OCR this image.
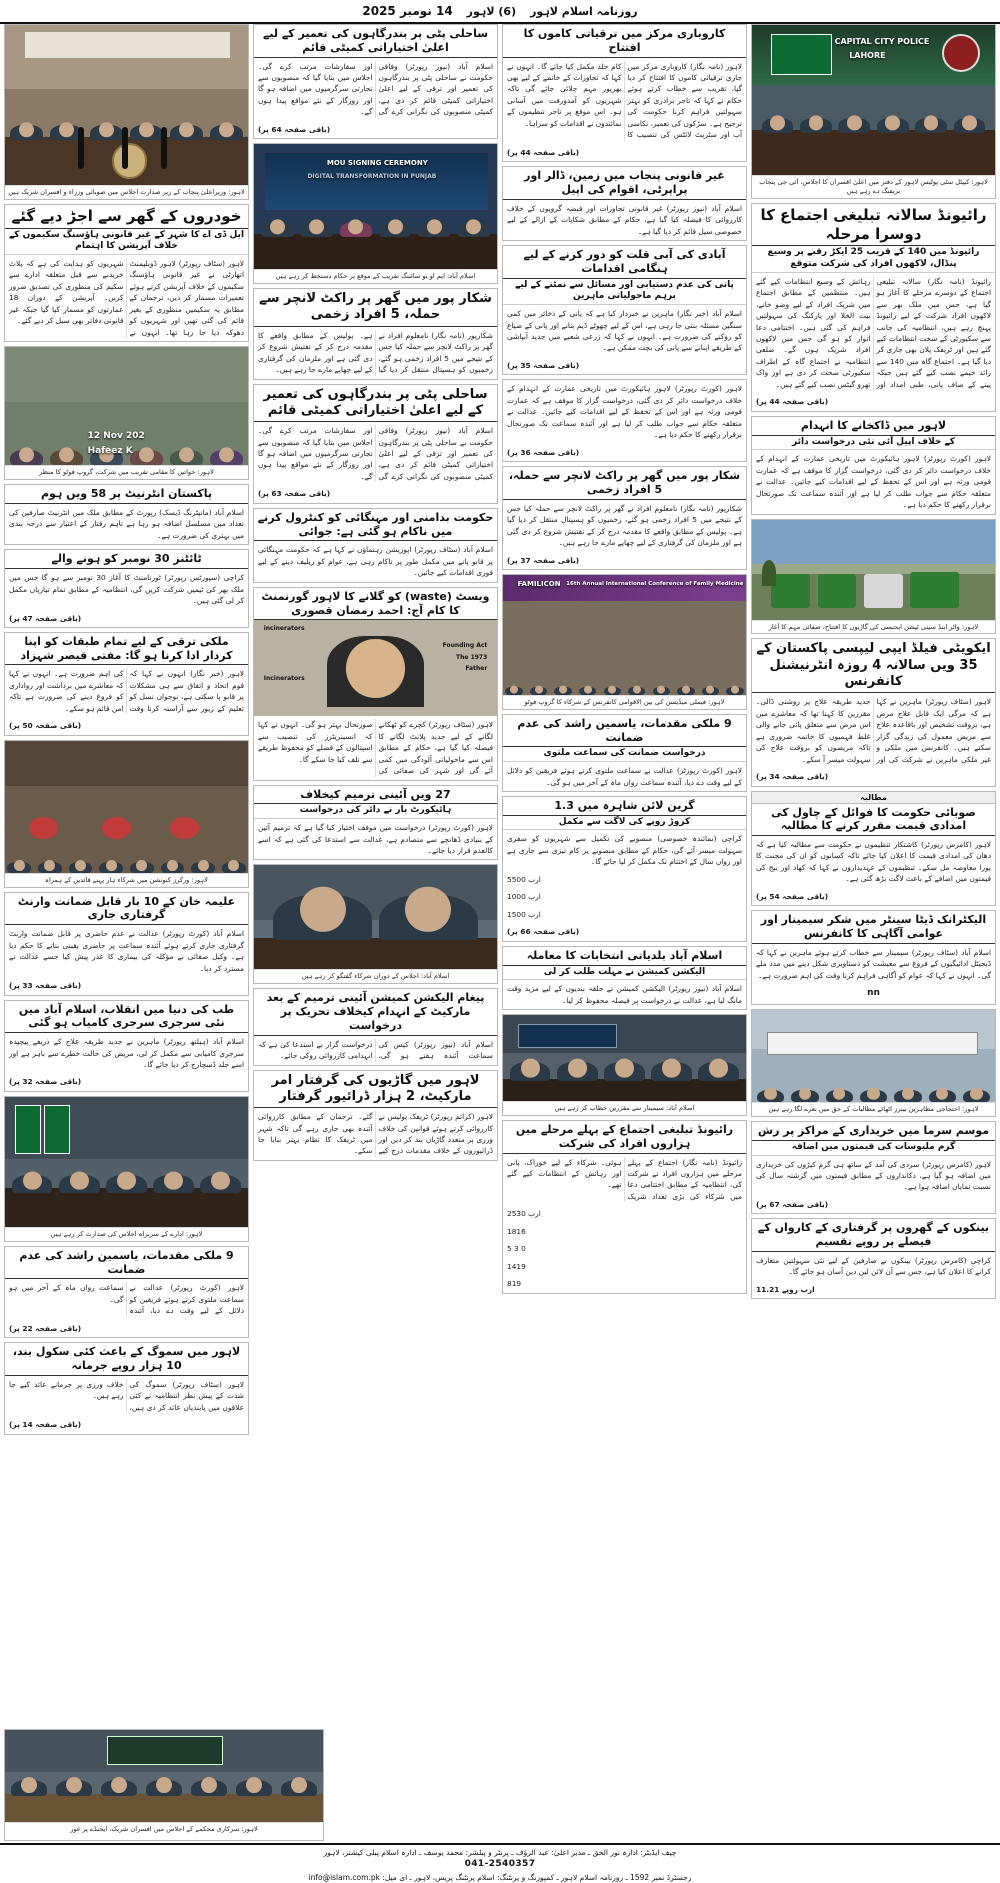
روزنامہ اسلام لاہور
(6) لاہور
14 نومبر 2025
CAPITAL CITY POLICE
LAHORE
لاہور: کیپٹل سٹی پولیس لاہور کے دفتر میں اعلیٰ افسران کا اجلاس، آئی جی پنجاب بریفنگ دے رہے ہیں
رائیونڈ سالانہ تبلیغی اجتماع کا دوسرا مرحلہ
رائیونڈ میں 140 کے قریب 25 ایکڑ رقبے پر وسیع پنڈال، لاکھوں افراد کی شرکت متوقع
رائیونڈ (نامہ نگار) سالانہ تبلیغی اجتماع کے دوسرے مرحلے کا آغاز ہو گیا ہے، جس میں ملک بھر سے لاکھوں افراد شرکت کے لیے رائیونڈ پہنچ رہے ہیں، انتظامیہ کی جانب سے سکیورٹی کے سخت انتظامات کیے گئے ہیں اور ٹریفک پلان بھی جاری کر دیا گیا ہے۔ اجتماع گاہ میں 140 سے زائد خیمے نصب کیے گئے ہیں جبکہ پینے کے صاف پانی، طبی امداد اور رہائش کے وسیع انتظامات کیے گئے ہیں۔ منتظمین کے مطابق اجتماع میں شریک افراد کے لیے وضو خانے، بیت الخلا اور پارکنگ کی سہولتیں فراہم کی گئی ہیں۔ اختتامی دعا اتوار کو ہو گی جس میں لاکھوں افراد شریک ہوں گے۔ ضلعی انتظامیہ نے اجتماع گاہ کے اطراف سکیورٹی سخت کر دی ہے اور واک تھرو گیٹس نصب کیے گئے ہیں۔
(باقی صفحہ 44 پر)
لاہور میں ڈاکخانے کا انہدام
کے خلاف اپیل آئی نئی درخواست دائر
لاہور (کورٹ رپورٹر) لاہور ہائیکورٹ میں تاریخی عمارت کے انہدام کے خلاف درخواست دائر کر دی گئی، درخواست گزار کا موقف ہے کہ عمارت قومی ورثہ ہے اور اس کے تحفظ کے لیے اقدامات کیے جائیں۔ عدالت نے متعلقہ حکام سے جواب طلب کر لیا ہے اور آئندہ سماعت تک صورتحال برقرار رکھنے کا حکم دیا ہے۔
لاہور: واٹر اینڈ سینی ٹیشن ایجنسی کی گاڑیوں کا افتتاح، صفائی مہم کا آغاز
ایکویٹی فیلڈ ایپی لیپسی پاکستان کے 35 ویں سالانہ 4 روزہ انٹرنیشنل کانفرنس
لاہور (سٹاف رپورٹر) ماہرین نے کہا ہے کہ مرگی ایک قابل علاج مرض ہے، بروقت تشخیص اور باقاعدہ علاج سے مریض معمول کی زندگی گزار سکتے ہیں۔ کانفرنس میں ملکی و غیر ملکی ماہرین نے شرکت کی اور جدید طریقہ علاج پر روشنی ڈالی۔ مقررین کا کہنا تھا کہ معاشرے میں اس مرض سے متعلق پائی جانے والی غلط فہمیوں کا خاتمہ ضروری ہے تاکہ مریضوں کو بروقت علاج کی سہولت میسر آ سکے۔
(باقی صفحہ 34 پر)
مطالبہ
صوبائی حکومت کا فوائل کے چاول کی امدادی قیمت مقرر کرنے کا مطالبہ
لاہور (کامرس رپورٹر) کاشتکار تنظیموں نے حکومت سے مطالبہ کیا ہے کہ دھان کی امدادی قیمت کا اعلان کیا جائے تاکہ کسانوں کو ان کی محنت کا پورا معاوضہ مل سکے۔ تنظیموں کے عہدیداروں نے کہا کہ کھاد اور بیج کی قیمتوں میں اضافے کے باعث لاگت بڑھ گئی ہے۔
(باقی صفحہ 54 پر)
الیکٹرانک ڈیٹا سینٹر میں شکر سیمینار اور عوامی آگاہی کا کانفرنس
اسلام آباد (سٹاف رپورٹر) سیمینار سے خطاب کرتے ہوئے ماہرین نے کہا کہ ڈیجیٹل ادائیگیوں کے فروغ سے معیشت کو دستاویزی شکل دینے میں مدد ملے گی۔ انہوں نے کہا کہ عوام کو آگاہی فراہم کرنا وقت کی اہم ضرورت ہے۔
nn
لاہور: احتجاجی مظاہرین بینرز اٹھائے مطالبات کے حق میں نعرے لگا رہے ہیں
موسم سرما میں خریداری کے مراکز پر رش
گرم ملبوسات کی قیمتوں میں اضافہ
لاہور (کامرس رپورٹر) سردی کی آمد کے ساتھ ہی گرم کپڑوں کی خریداری میں اضافہ ہو گیا ہے، دکانداروں کے مطابق قیمتوں میں گزشتہ سال کی نسبت نمایاں اضافہ ہوا ہے۔
(باقی صفحہ 67 پر)
بینکوں کے گھروں پر گرفتاری کے کارواں کے فیصلے پر روپے تقسیم
کراچی (کامرس رپورٹر) بینکوں نے صارفین کے لیے نئی سہولتیں متعارف کرانے کا اعلان کیا ہے، جس سے آن لائن لین دین آسان ہو جائے گا۔
11.21 ارب روپے
کاروباری مرکز میں ترقیاتی کاموں کا افتتاح
لاہور (نامہ نگار) کاروباری مرکز میں جاری ترقیاتی کاموں کا افتتاح کر دیا گیا، تقریب سے خطاب کرتے ہوئے حکام نے کہا کہ تاجر برادری کو بہتر سہولتیں فراہم کرنا حکومت کی ترجیح ہے۔ سڑکوں کی تعمیر، نکاسی آب اور سٹریٹ لائٹس کی تنصیب کا کام جلد مکمل کیا جائے گا۔ انہوں نے کہا کہ تجاوزات کے خاتمے کے لیے بھی بھرپور مہم چلائی جائے گی تاکہ شہریوں کو آمدورفت میں آسانی ہو۔ اس موقع پر تاجر تنظیموں کے نمائندوں نے اقدامات کو سراہا۔
(باقی صفحہ 44 پر)
غیر قانونی پنجاب میں زمین، ڈالر اور پراپرٹی، اقوام کی اپیل
اسلام آباد (نیوز رپورٹر) غیر قانونی تجاوزات اور قبضہ گروپوں کے خلاف کارروائی کا فیصلہ کیا گیا ہے، حکام کے مطابق شکایات کے ازالے کے لیے خصوصی سیل قائم کر دیا گیا ہے۔
آبادی کی آبی قلت کو دور کرنے کے لیے ہنگامی اقدامات
پانی کی عدم دستیابی اور مسائل سے نمٹنے کے لیے برہم ماحولیاتی ماہرین
اسلام آباد (خبر نگار) ماہرین نے خبردار کیا ہے کہ پانی کے ذخائر میں کمی سنگین مسئلہ بنتی جا رہی ہے، اس کے لیے چھوٹے ڈیم بنانے اور پانی کے ضیاع کو روکنے کی ضرورت ہے۔ انہوں نے کہا کہ زرعی شعبے میں جدید آبپاشی کے طریقے اپنانے سے پانی کی بچت ممکن ہے۔
(باقی صفحہ 35 پر)
لاہور (کورٹ رپورٹر) لاہور ہائیکورٹ میں تاریخی عمارت کے انہدام کے خلاف درخواست دائر کر دی گئی، درخواست گزار کا موقف ہے کہ عمارت قومی ورثہ ہے اور اس کے تحفظ کے لیے اقدامات کیے جائیں۔ عدالت نے متعلقہ حکام سے جواب طلب کر لیا ہے اور آئندہ سماعت تک صورتحال برقرار رکھنے کا حکم دیا ہے۔
(باقی صفحہ 36 پر)
شکار پور میں گھر پر راکٹ لانچر سے حملہ، 5 افراد زخمی
شکارپور (نامہ نگار) نامعلوم افراد نے گھر پر راکٹ لانچر سے حملہ کیا جس کے نتیجے میں 5 افراد زخمی ہو گئے، زخمیوں کو ہسپتال منتقل کر دیا گیا ہے۔ پولیس کے مطابق واقعے کا مقدمہ درج کر کے تفتیش شروع کر دی گئی ہے اور ملزمان کی گرفتاری کے لیے چھاپے مارے جا رہے ہیں۔
(باقی صفحہ 37 پر)
FAMILICON 16th Annual International Conference of Family Medicine
لاہور: فیملی میڈیسن کی بین الاقوامی کانفرنس کے شرکاء کا گروپ فوٹو
9 ملکی مقدمات، یاسمین راشد کی عدم ضمانت
درخواست ضمانت کی سماعت ملتوی
لاہور (کورٹ رپورٹر) عدالت نے سماعت ملتوی کرتے ہوئے فریقین کو دلائل کے لیے وقت دے دیا، آئندہ سماعت رواں ماہ کے آخر میں ہو گی۔
گرین لائن شاہرہ میں 1.3
کروڑ روپے کی لاگت سے مکمل
کراچی (نمائندہ خصوصی) منصوبے کی تکمیل سے شہریوں کو سفری سہولت میسر آئے گی، حکام کے مطابق منصوبے پر کام تیزی سے جاری ہے اور رواں سال کے اختتام تک مکمل کر لیا جائے گا۔
5500 ارب
1000 ارب
1500 ارب
(باقی صفحہ 66 پر)
اسلام آباد بلدیاتی انتخابات کا معاملہ
الیکشن کمیشن نے مہلت طلب کر لی
اسلام آباد (نیوز رپورٹر) الیکشن کمیشن نے حلقہ بندیوں کے لیے مزید وقت مانگ لیا ہے، عدالت نے درخواست پر فیصلہ محفوظ کر لیا۔
اسلام آباد: سیمینار سے مقررین خطاب کر رہے ہیں
رائیونڈ تبلیغی اجتماع کے پہلے مرحلے میں ہزاروں افراد کی شرکت
رائیونڈ (نامہ نگار) اجتماع کے پہلے مرحلے میں ہزاروں افراد نے شرکت کی، انتظامیہ کے مطابق اختتامی دعا میں شرکاء کی بڑی تعداد شریک ہوئی۔ شرکاء کے لیے خوراک، پانی اور رہائش کے انتظامات کیے گئے تھے۔
2530 ارب
1816
5 3 0
1419
819
ساحلی پٹی پر بندرگاہوں کی تعمیر کے لیے اعلیٰ اختیاراتی کمیٹی قائم
اسلام آباد (نیوز رپورٹر) وفاقی حکومت نے ساحلی پٹی پر بندرگاہوں کی تعمیر اور ترقی کے لیے اعلیٰ اختیاراتی کمیٹی قائم کر دی ہے، کمیٹی منصوبوں کی نگرانی کرے گی اور سفارشات مرتب کرے گی۔ اجلاس میں بتایا گیا کہ منصوبوں سے تجارتی سرگرمیوں میں اضافہ ہو گا اور روزگار کے نئے مواقع پیدا ہوں گے۔
(باقی صفحہ 64 پر)
MOU SIGNING CEREMONY
DIGITAL TRANSFORMATION IN PUNJAB
اسلام آباد: ایم او یو سائننگ تقریب کے موقع پر حکام دستخط کر رہے ہیں
شکار پور میں گھر پر راکٹ لانچر سے حملہ، 5 افراد زخمی
شکارپور (نامہ نگار) نامعلوم افراد نے گھر پر راکٹ لانچر سے حملہ کیا جس کے نتیجے میں 5 افراد زخمی ہو گئے، زخمیوں کو ہسپتال منتقل کر دیا گیا ہے۔ پولیس کے مطابق واقعے کا مقدمہ درج کر کے تفتیش شروع کر دی گئی ہے اور ملزمان کی گرفتاری کے لیے چھاپے مارے جا رہے ہیں۔
ساحلی پٹی پر بندرگاہوں کی تعمیر کے لیے اعلیٰ اختیاراتی کمیٹی قائم
اسلام آباد (نیوز رپورٹر) وفاقی حکومت نے ساحلی پٹی پر بندرگاہوں کی تعمیر اور ترقی کے لیے اعلیٰ اختیاراتی کمیٹی قائم کر دی ہے، کمیٹی منصوبوں کی نگرانی کرے گی اور سفارشات مرتب کرے گی۔ اجلاس میں بتایا گیا کہ منصوبوں سے تجارتی سرگرمیوں میں اضافہ ہو گا اور روزگار کے نئے مواقع پیدا ہوں گے۔
(باقی صفحہ 63 پر)
حکومت بدامنی اور مہنگائی کو کنٹرول کرنے میں ناکام ہو گئی ہے: جوائی
اسلام آباد (سٹاف رپورٹر) اپوزیشن رہنماؤں نے کہا ہے کہ حکومت مہنگائی پر قابو پانے میں مکمل طور پر ناکام رہی ہے، عوام کو ریلیف دینے کے لیے فوری اقدامات کیے جائیں۔
ویسٹ (waste) کو گلانے کا لاہور گورنمنٹ کا کام آج: احمد رمضان قصوری
incinerators
Founding Act
The 1973
Father
Incinerators
لاہور (سٹاف رپورٹر) کچرے کو ٹھکانے لگانے کے لیے جدید پلانٹ لگانے کا فیصلہ کیا گیا ہے، حکام کے مطابق اس سے ماحولیاتی آلودگی میں کمی آئے گی اور شہر کی صفائی کی صورتحال بہتر ہو گی۔ انہوں نے کہا کہ انسینریٹرز کی تنصیب سے اسپتالوں کے فضلے کو محفوظ طریقے سے تلف کیا جا سکے گا۔
27 ویں آئینی ترمیم کیخلاف
ہائیکورٹ بار نے دائر کی درخواست
لاہور (کورٹ رپورٹر) درخواست میں موقف اختیار کیا گیا ہے کہ ترمیم آئین کے بنیادی ڈھانچے سے متصادم ہے، عدالت سے استدعا کی گئی ہے کہ اسے کالعدم قرار دیا جائے۔
اسلام آباد: اجلاس کے دوران شرکاء گفتگو کر رہے ہیں
پیغام الیکشن کمیشن آئینی ترمیم کے بعد مارکیٹ کے انہدام کیخلاف تحریک پر درخواست
اسلام آباد (نیوز رپورٹر) کیس کی سماعت آئندہ ہفتے ہو گی، درخواست گزار نے استدعا کی ہے کہ انہدامی کارروائی روکی جائے۔
لاہور میں گاڑیوں کی گرفتار امر مارکیٹ، 2 ہزار ڈرائیور گرفتار
لاہور (کرائم رپورٹر) ٹریفک پولیس نے کارروائی کرتے ہوئے قوانین کی خلاف ورزی پر متعدد گاڑیاں بند کر دیں اور ڈرائیوروں کے خلاف مقدمات درج کیے گئے۔ ترجمان کے مطابق کارروائی آئندہ بھی جاری رہے گی تاکہ شہر میں ٹریفک کا نظام بہتر بنایا جا سکے۔
لاہور: وزیراعلیٰ پنجاب کے زیر صدارت اجلاس میں صوبائی وزراء و افسران شریک ہیں
خودروں کے گھر سے اجڑ دیے گئے
ایل ڈی اے کا شہر کے غیر قانونی ہاؤسنگ سکیموں کے خلاف آپریشن کا اہتمام
لاہور (سٹاف رپورٹر) لاہور ڈویلپمنٹ اتھارٹی نے غیر قانونی ہاؤسنگ سکیموں کے خلاف آپریشن کرتے ہوئے تعمیرات مسمار کر دیں، ترجمان کے مطابق یہ سکیمیں منظوری کے بغیر قائم کی گئی تھیں اور شہریوں کو دھوکہ دیا جا رہا تھا۔ انہوں نے شہریوں کو ہدایت کی ہے کہ پلاٹ خریدنے سے قبل متعلقہ ادارے سے سکیم کی منظوری کی تصدیق ضرور کریں۔ آپریشن کے دوران 18 عمارتوں کو مسمار کیا گیا جبکہ غیر قانونی دفاتر بھی سیل کر دیے گئے۔
12 Nov 202
Hafeez K
لاہور: خواتین کا مقامی تقریب میں شرکت، گروپ فوٹو کا منظر
پاکستان انٹرنیٹ پر 58 ویں ہوم
اسلام آباد (مانیٹرنگ ڈیسک) رپورٹ کے مطابق ملک میں انٹرنیٹ صارفین کی تعداد میں مسلسل اضافہ ہو رہا ہے تاہم رفتار کے اعتبار سے درجہ بندی میں بہتری کی ضرورت ہے۔
ٹائٹنز 30 نومبر کو ہونے والے
کراچی (سپورٹس رپورٹر) ٹورنامنٹ کا آغاز 30 نومبر سے ہو گا جس میں ملک بھر کی ٹیمیں شرکت کریں گی، انتظامیہ کے مطابق تمام تیاریاں مکمل کر لی گئی ہیں۔
(باقی صفحہ 47 پر)
ملکی ترقی کے لیے تمام طبقات کو اپنا کردار ادا کرنا ہو گا: مفتی قیصر شہزاد
لاہور (خبر نگار) انہوں نے کہا کہ قوم اتحاد و اتفاق سے ہی مشکلات پر قابو پا سکتی ہے، نوجوان نسل کو تعلیم کے زیور سے آراستہ کرنا وقت کی اہم ضرورت ہے۔ انہوں نے کہا کہ معاشرے میں برداشت اور رواداری کو فروغ دینے کی ضرورت ہے تاکہ امن قائم ہو سکے۔
(باقی صفحہ 50 پر)
لاہور: ورکرز کنونشن میں شرکاء ہار پہنے قائدین کے ہمراہ
علیمہ خان کے 10 بار قابل ضمانت وارنٹ گرفتاری جاری
اسلام آباد (کورٹ رپورٹر) عدالت نے عدم حاضری پر قابل ضمانت وارنٹ گرفتاری جاری کرتے ہوئے آئندہ سماعت پر حاضری یقینی بنانے کا حکم دیا ہے۔ وکیل صفائی نے مؤکلہ کی بیماری کا عذر پیش کیا جسے عدالت نے مسترد کر دیا۔
(باقی صفحہ 33 پر)
طب کی دنیا میں انقلاب، اسلام آباد میں نئی سرجری سرجری کامیاب ہو گئی
اسلام آباد (ہیلتھ رپورٹر) ماہرین نے جدید طریقہ علاج کے ذریعے پیچیدہ سرجری کامیابی سے مکمل کر لی، مریض کی حالت خطرے سے باہر ہے اور اسے جلد ڈسچارج کر دیا جائے گا۔
(باقی صفحہ 32 پر)
لاہور: ادارے کے سربراہ اجلاس کی صدارت کر رہے ہیں
9 ملکی مقدمات، یاسمین راشد کی عدم ضمانت
لاہور (کورٹ رپورٹر) عدالت نے سماعت ملتوی کرتے ہوئے فریقین کو دلائل کے لیے وقت دے دیا، آئندہ سماعت رواں ماہ کے آخر میں ہو گی۔
(باقی صفحہ 22 پر)
لاہور میں سموگ کے باعث کئی سکول بند، 10 ہزار روپے جرمانہ
لاہور (سٹاف رپورٹر) سموگ کی شدت کے پیش نظر انتظامیہ نے کئی علاقوں میں پابندیاں عائد کر دی ہیں، خلاف ورزی پر جرمانے عائد کیے جا رہے ہیں۔
(باقی صفحہ 14 پر)
لاہور: سرکاری محکمے کے اجلاس میں افسران شریک، ایجنڈے پر غور
چیف ایڈیٹر: ادارہ نور الحق ـ مدیر اعلیٰ: عبد الرؤف ـ پرنٹر و پبلشر: محمد یوسف ـ ادارہ اسلام پبلی کیشنز، لاہور
041-2540357
رجسٹرڈ نمبر 1592 ـ روزنامہ اسلام لاہور ـ کمپوزنگ و پرنٹنگ: اسلام پرنٹنگ پریس، لاہور ـ ای میل: info@islam.com.pk
